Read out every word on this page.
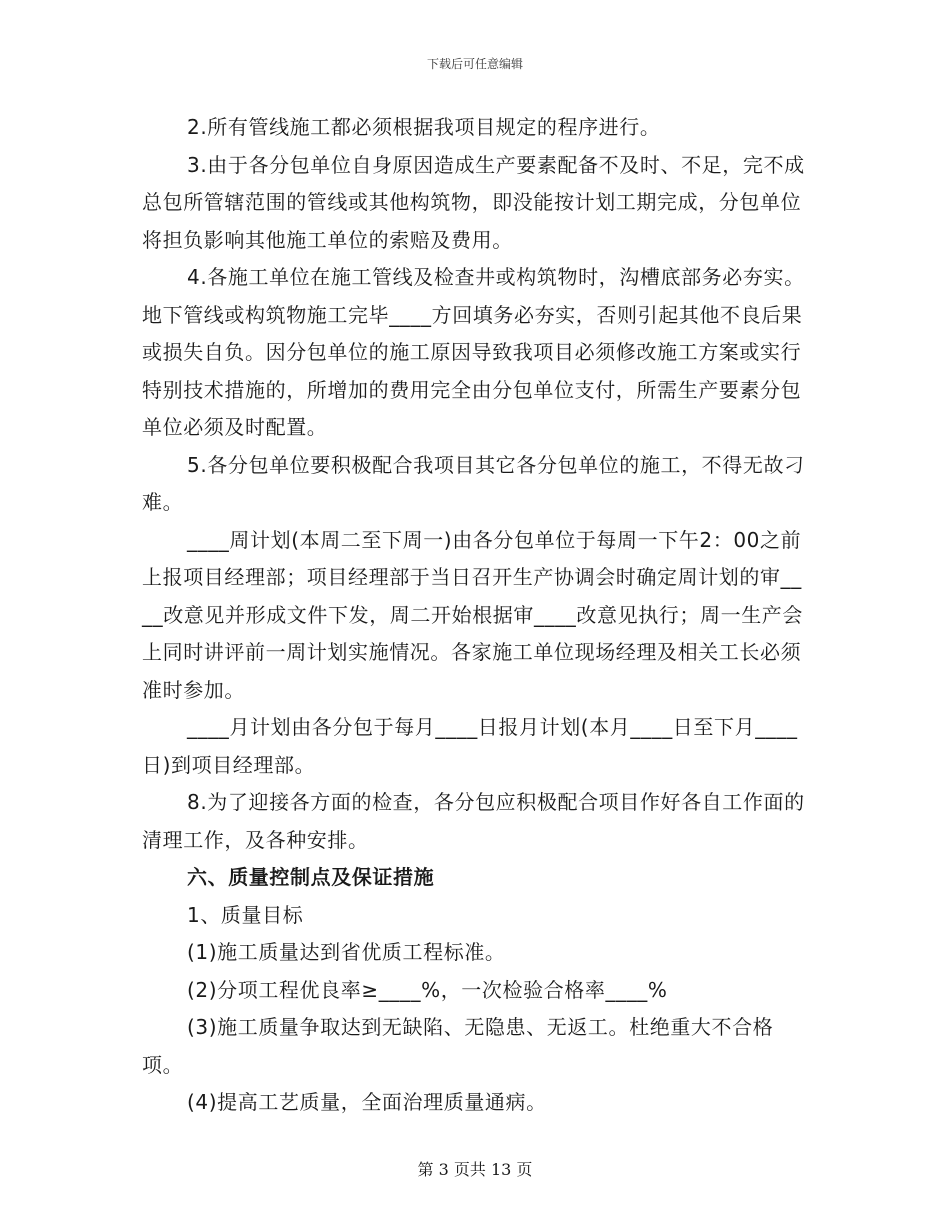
下载后可任意编辑

2.所有管线施工都必须根据我项目规定的程序进行。

3.由于各分包单位自身原因造成生产要素配备不及时、不足，完不成总包所管辖范围的管线或其他构筑物，即没能按计划工期完成，分包单位将担负影响其他施工单位的索赔及费用。

4.各施工单位在施工管线及检查井或构筑物时，沟槽底部务必夯实。地下管线或构筑物施工完毕____方回填务必夯实，否则引起其他不良后果或损失自负。因分包单位的施工原因导致我项目必须修改施工方案或实行特别技术措施的，所增加的费用完全由分包单位支付，所需生产要素分包单位必须及时配置。

5.各分包单位要积极配合我项目其它各分包单位的施工，不得无故刁难。

____周计划(本周二至下周一)由各分包单位于每周一下午2：00之前上报项目经理部；项目经理部于当日召开生产协调会时确定周计划的审____改意见并形成文件下发，周二开始根据审____改意见执行；周一生产会上同时讲评前一周计划实施情况。各家施工单位现场经理及相关工长必须准时参加。

____月计划由各分包于每月____日报月计划(本月____日至下月____日)到项目经理部。

8.为了迎接各方面的检查，各分包应积极配合项目作好各自工作面的清理工作，及各种安排。

六、质量控制点及保证措施

1、质量目标

(1)施工质量达到省优质工程标准。

(2)分项工程优良率≥____%，一次检验合格率____%

(3)施工质量争取达到无缺陷、无隐患、无返工。杜绝重大不合格项。

(4)提高工艺质量，全面治理质量通病。

第 3 页共 13 页
